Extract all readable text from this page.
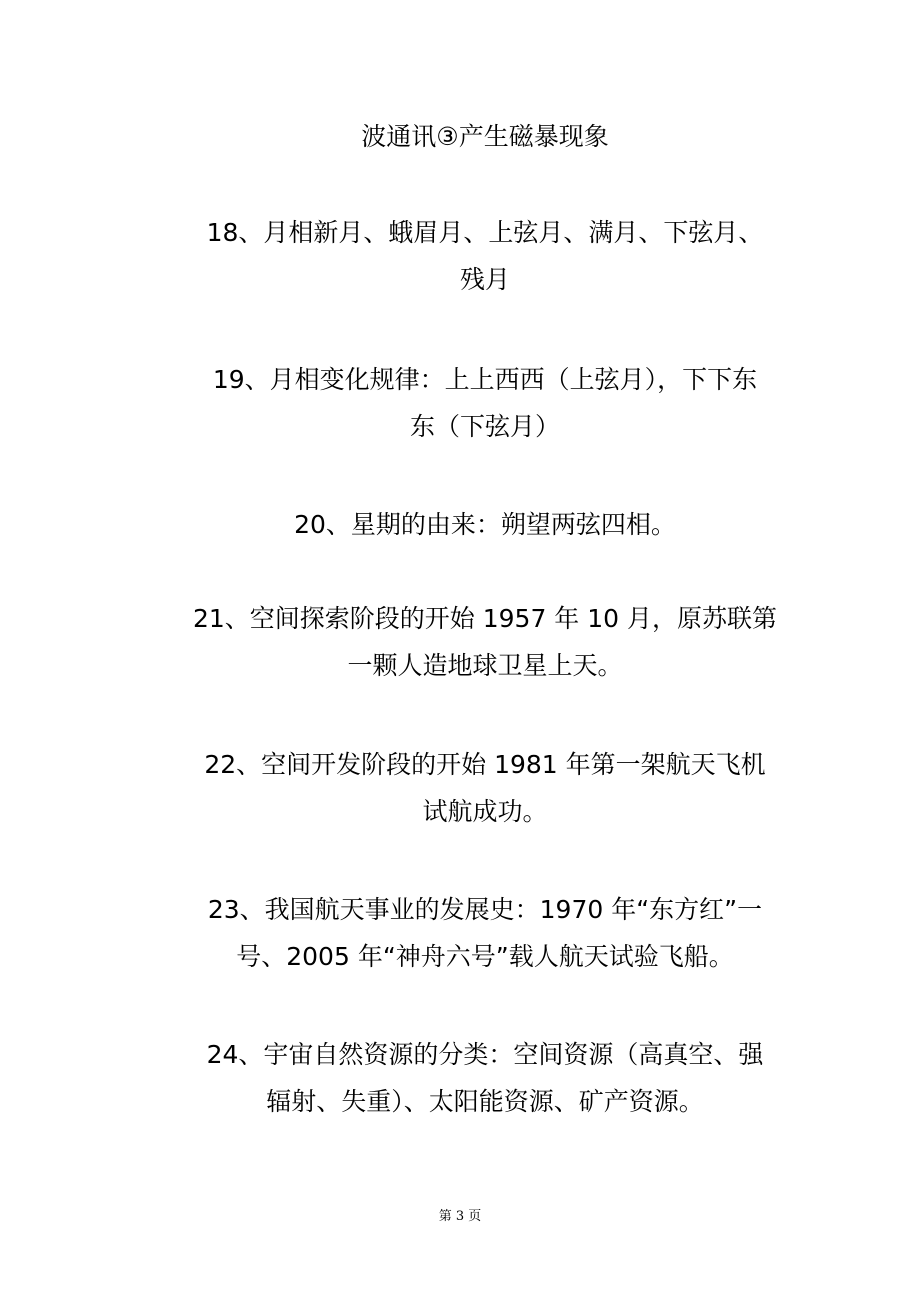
波通讯③产生磁暴现象

18、月相新月、蛾眉月、上弦月、满月、下弦月、
残月

19、月相变化规律：上上西西（上弦月），下下东
东（下弦月）

20、星期的由来：朔望两弦四相。

21、空间探索阶段的开始 1957 年 10 月，原苏联第
一颗人造地球卫星上天。

22、空间开发阶段的开始 1981 年第一架航天飞机
试航成功。

23、我国航天事业的发展史：1970 年“东方红”一
号、2005 年“神舟六号”载人航天试验飞船。

24、宇宙自然资源的分类：空间资源（高真空、强
辐射、失重）、太阳能资源、矿产资源。

第 3 页
